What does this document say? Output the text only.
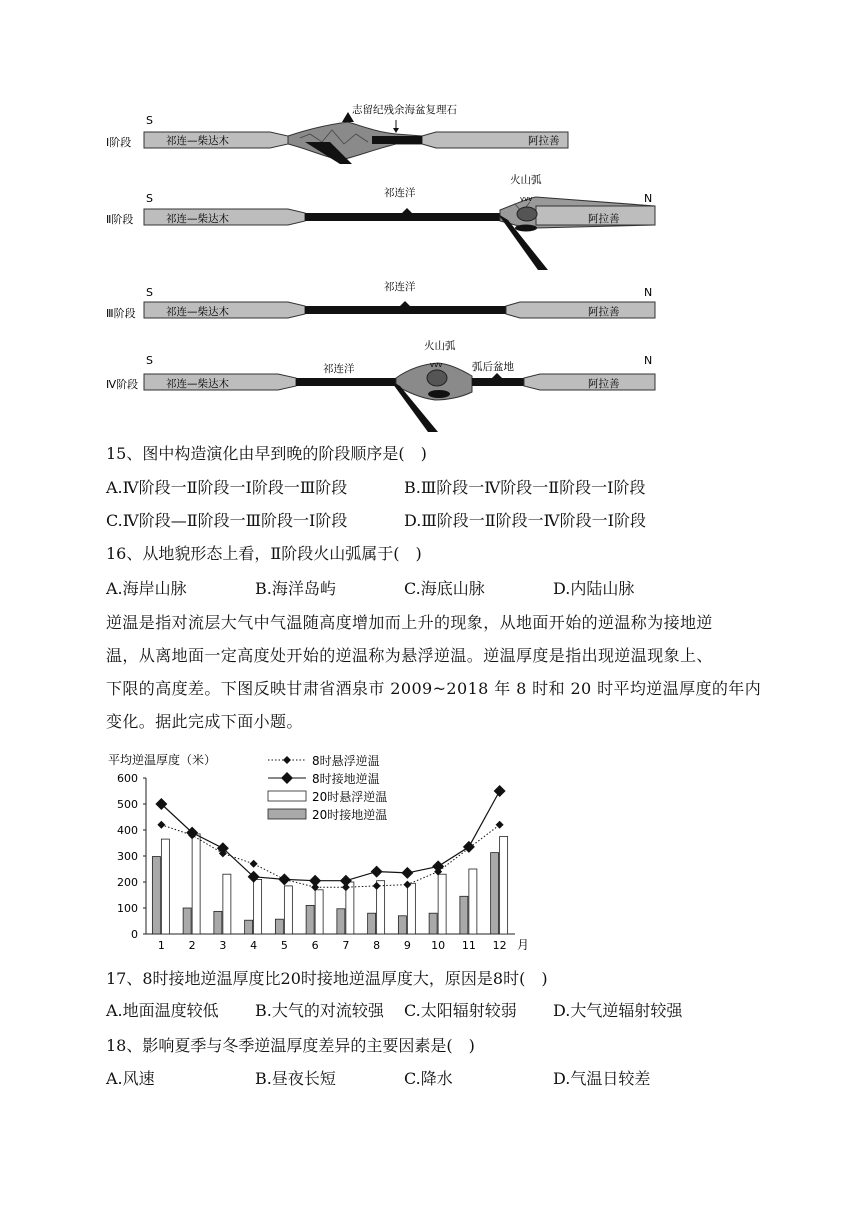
Ⅰ阶段
S
志留纪残余海盆复理石
祁连—柴达木	阿拉善
Ⅱ阶段
S	N
vvv
祁连洋
火山弧
祁连—柴达木	阿拉善
Ⅲ阶段
S	N
祁连洋
祁连—柴达木	阿拉善
Ⅳ阶段
S	N
vvv
祁连洋
火山弧
弧后盆地
祁连—柴达木	阿拉善
15、图中构造演化由早到晚的阶段顺序是(　)
A.Ⅳ阶段一Ⅱ阶段一Ⅰ阶段一Ⅲ阶段	B.Ⅲ阶段一Ⅳ阶段一Ⅱ阶段一Ⅰ阶段
C.Ⅳ阶段—Ⅱ阶段一Ⅲ阶段一Ⅰ阶段	D.Ⅲ阶段一Ⅱ阶段一Ⅳ阶段一Ⅰ阶段
16、从地貌形态上看，Ⅱ阶段火山弧属于(　)
A.海岸山脉	B.海洋岛屿	C.海底山脉	D.内陆山脉
逆温是指对流层大气中气温随高度增加而上升的现象，从地面开始的逆温称为接地逆
温，从离地面一定高度处开始的逆温称为悬浮逆温。逆温厚度是指出现逆温现象上、
下限的高度差。下图反映甘肃省酒泉市 2009~2018 年 8 时和 20 时平均逆温厚度的年内
变化。据此完成下面小题。
平均逆温厚度（米）
0
100
200
300
400
500
600
1 2 3 4 5 6 7 8 9 10 11 12 月
8时悬浮逆温
8时接地逆温
20时悬浮逆温
20时接地逆温
17、8时接地逆温厚度比20时接地逆温厚度大，原因是8时(　)
A.地面温度较低 B.大气的对流较强 C.太阳辐射较弱 D.大气逆辐射较强
18、影响夏季与冬季逆温厚度差异的主要因素是(　)
A.风速	B.昼夜长短	C.降水	D.气温日较差
